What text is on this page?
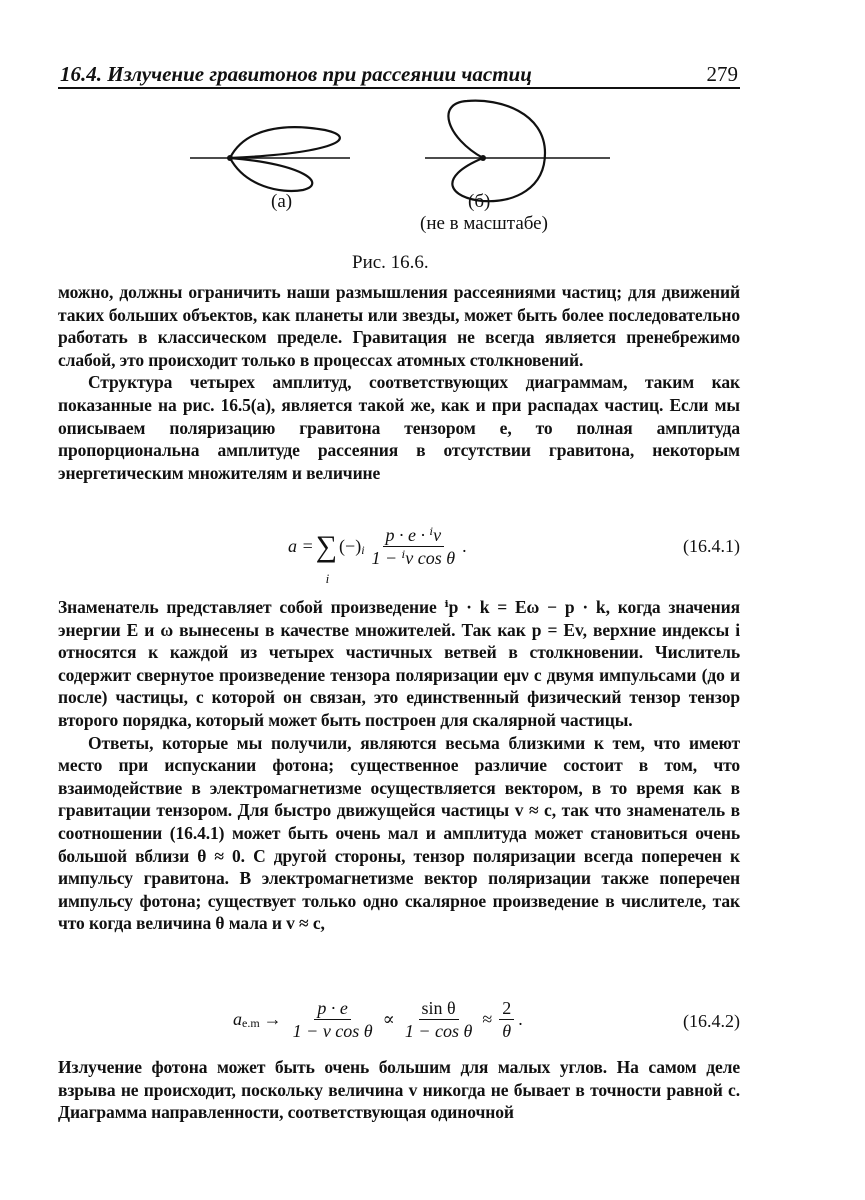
16.4. Излучение гравитонов при рассеянии частиц	279
(а)	(б)
(не в масштабе)
Рис. 16.6.

можно, должны ограничить наши размышления рассеяниями частиц; для движений таких больших объектов, как планеты или звезды, может быть более последовательно работать в классическом пределе. Гравитация не всегда является пренебрежимо слабой, это происходит только в процессах атомных столкновений.

Структура четырех амплитуд, соответствующих диаграммам, таким как показанные на рис. 16.5(а), является такой же, как и при распадах частиц. Если мы описываем поляризацию гравитона тензором e, то полная амплитуда пропорциональна амплитуде рассеяния в отсутствии гравитона, некоторым энергетическим множителям и величине

a = ∑
i
(−) i $\frac{\text{p · e · ⁱv}}{\text{1 − ⁱv cos θ}}$ .	(16.4.1)

Знаменатель представляет собой произведение ⁱp · k = Eω − p · k, когда значения энергии E и ω вынесены в качестве множителей. Так как p = Ev, верхние индексы i относятся к каждой из четырех частичных ветвей в столкновении. Числитель содержит свернутое произведение тензора поляризации eμν с двумя импульсами (до и после) частицы, с которой он связан, это единственный физический тензор тензор второго порядка, который может быть построен для скалярной частицы.

Ответы, которые мы получили, являются весьма близкими к тем, что имеют место при испускании фотона; существенное различие состоит в том, что взаимодействие в электромагнетизме осуществляется вектором, в то время как в гравитации тензором. Для быстро движущейся частицы v ≈ c, так что знаменатель в соотношении (16.4.1) может быть очень мал и амплитуда может становиться очень большой вблизи θ ≈ 0. С другой стороны, тензор поляризации всегда поперечен к импульсу гравитона. В электромагнетизме вектор поляризации также поперечен импульсу фотона; существует только одно скалярное произведение в числителе, так что когда величина θ мала и v ≈ c,

a $e.m \to \frac{p \cdot e}{\text{1 − v cos θ}} \propto \frac{\text{sin θ}}{\text{1 − cos θ}} \approx \frac{2}{\theta}$ .	(16.4.2)

Излучение фотона может быть очень большим для малых углов. На самом деле взрыва не происходит, поскольку величина v никогда не бывает в точности равной c. Диаграмма направленности, соответствующая одиночной
